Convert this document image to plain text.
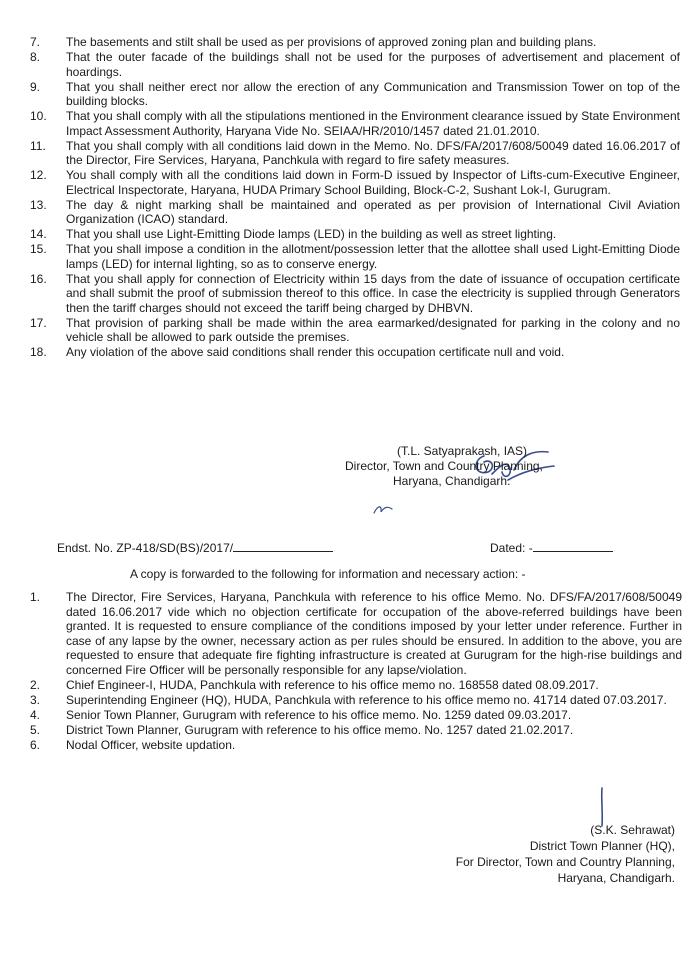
7.	The basements and stilt shall be used as per provisions of approved zoning plan and building plans.
8.	That the outer facade of the buildings shall not be used for the purposes of advertisement and placement of hoardings.
9.	That you shall neither erect nor allow the erection of any Communication and Transmission Tower on top of the building blocks.
10.	That you shall comply with all the stipulations mentioned in the Environment clearance issued by State Environment Impact Assessment Authority, Haryana Vide No. SEIAA/HR/2010/1457 dated 21.01.2010.
11.	That you shall comply with all conditions laid down in the Memo. No. DFS/FA/2017/608/50049 dated 16.06.2017 of the Director, Fire Services, Haryana, Panchkula with regard to fire safety measures.
12.	You shall comply with all the conditions laid down in Form-D issued by Inspector of Lifts-cum-Executive Engineer, Electrical Inspectorate, Haryana, HUDA Primary School Building, Block-C-2, Sushant Lok-I, Gurugram.
13.	The day & night marking shall be maintained and operated as per provision of International Civil Aviation Organization (ICAO) standard.
14.	That you shall use Light-Emitting Diode lamps (LED) in the building as well as street lighting.
15.	That you shall impose a condition in the allotment/possession letter that the allottee shall used Light-Emitting Diode lamps (LED) for internal lighting, so as to conserve energy.
16.	That you shall apply for connection of Electricity within 15 days from the date of issuance of occupation certificate and shall submit the proof of submission thereof to this office. In case the electricity is supplied through Generators then the tariff charges should not exceed the tariff being charged by DHBVN.
17.	That provision of parking shall be made within the area earmarked/designated for parking in the colony and no vehicle shall be allowed to park outside the premises.
18.	Any violation of the above said conditions shall render this occupation certificate null and void.
(T.L. Satyaprakash, IAS)
Director, Town and Country Planning,
Haryana, Chandigarh.
Endst. No. ZP-418/SD(BS)/2017/	Dated: -
A copy is forwarded to the following for information and necessary action: -
1.	The Director, Fire Services, Haryana, Panchkula with reference to his office Memo. No. DFS/FA/2017/608/50049 dated 16.06.2017 vide which no objection certificate for occupation of the above-referred buildings have been granted. It is requested to ensure compliance of the conditions imposed by your letter under reference. Further in case of any lapse by the owner, necessary action as per rules should be ensured. In addition to the above, you are requested to ensure that adequate fire fighting infrastructure is created at Gurugram for the high-rise buildings and concerned Fire Officer will be personally responsible for any lapse/violation.
2.	Chief Engineer-I, HUDA, Panchkula with reference to his office memo no. 168558 dated 08.09.2017.
3.	Superintending Engineer (HQ), HUDA, Panchkula with reference to his office memo no. 41714 dated 07.03.2017.
4.	Senior Town Planner, Gurugram with reference to his office memo. No. 1259 dated 09.03.2017.
5.	District Town Planner, Gurugram with reference to his office memo. No. 1257 dated 21.02.2017.
6.	Nodal Officer, website updation.
(S.K. Sehrawat)
District Town Planner (HQ),
For Director, Town and Country Planning,
Haryana, Chandigarh.
